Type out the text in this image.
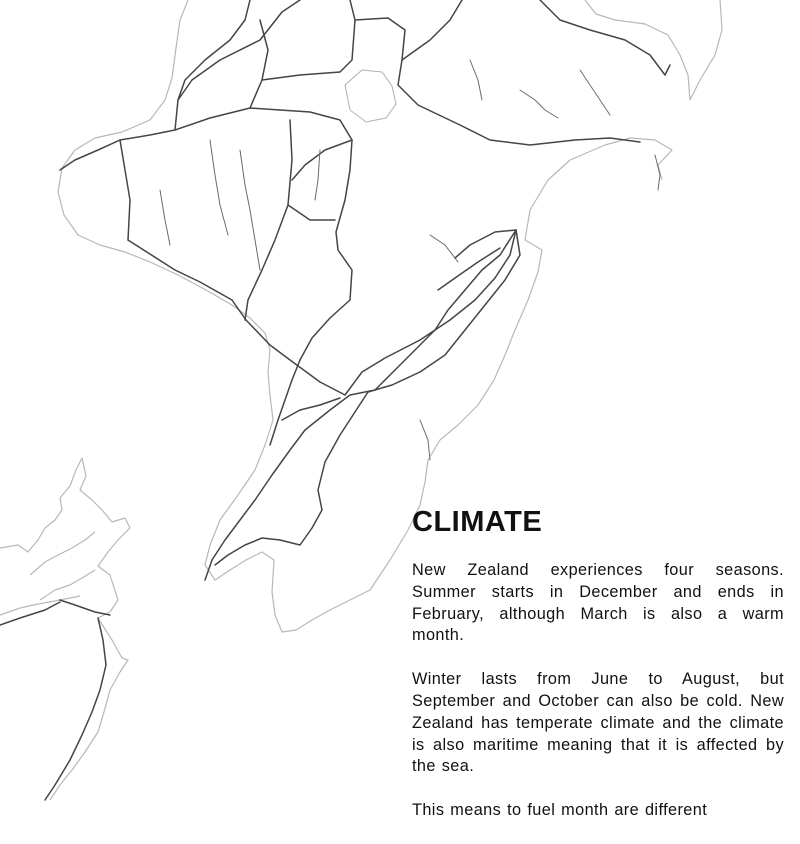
CLIMATE

New Zealand experiences four seasons. Summer starts in December and ends in February, although March is also a warm month.

Winter lasts from June to August, but September and October can also be cold. New Zealand has temperate climate and the climate is also maritime meaning that it is affected by the sea.

This means to fuel month are different
